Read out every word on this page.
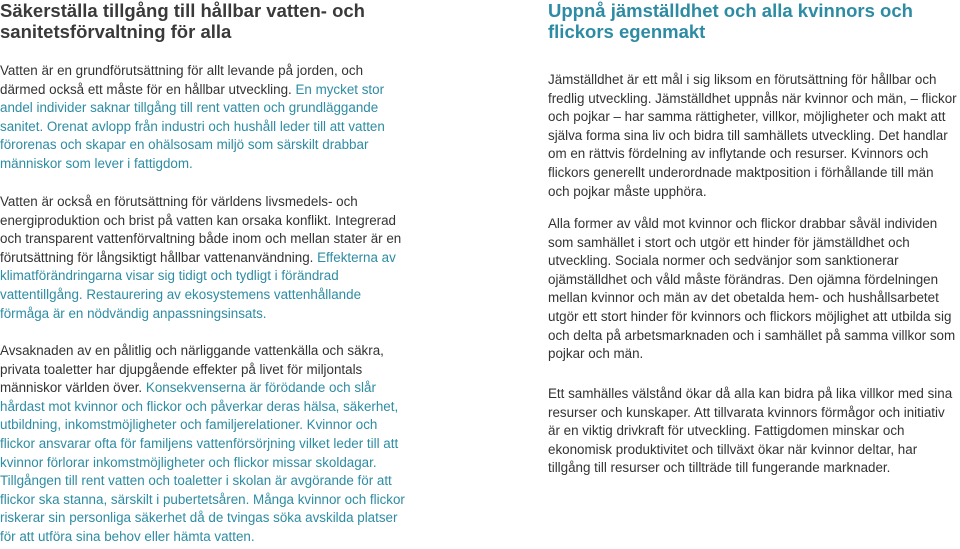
Säkerställa tillgång till hållbar vatten- och sanitetsförvaltning för alla

Vatten är en grundförutsättning för allt levande på jorden, och därmed också ett måste för en hållbar utveckling. En mycket stor andel individer saknar tillgång till rent vatten och grundläggande sanitet. Orenat avlopp från industri och hushåll leder till att vatten förorenas och skapar en ohälsosam miljö som särskilt drabbar människor som lever i fattigdom.

Vatten är också en förutsättning för världens livsmedels- och energiproduktion och brist på vatten kan orsaka konflikt. Integrerad och transparent vattenförvaltning både inom och mellan stater är en förutsättning för långsiktigt hållbar vattenanvändning. Effekterna av klimatförändringarna visar sig tidigt och tydligt i förändrad vattentillgång. Restaurering av ekosystemens vattenhållande förmåga är en nödvändig anpassningsinsats.

Avsaknaden av en pålitlig och närliggande vattenkälla och säkra, privata toaletter har djupgående effekter på livet för miljontals människor världen över. Konsekvenserna är förödande och slår hårdast mot kvinnor och flickor och påverkar deras hälsa, säkerhet, utbildning, inkomstmöjligheter och familjerelationer. Kvinnor och flickor ansvarar ofta för familjens vattenförsörjning vilket leder till att kvinnor förlorar inkomstmöjligheter och flickor missar skoldagar. Tillgången till rent vatten och toaletter i skolan är avgörande för att flickor ska stanna, särskilt i pubertetsåren. Många kvinnor och flickor riskerar sin personliga säkerhet då de tvingas söka avskilda platser för att utföra sina behov eller hämta vatten.

Uppnå jämställdhet och alla kvinnors och flickors egenmakt

Jämställdhet är ett mål i sig liksom en förutsättning för hållbar och fredlig utveckling. Jämställdhet uppnås när kvinnor och män, – flickor och pojkar – har samma rättigheter, villkor, möjligheter och makt att själva forma sina liv och bidra till samhällets utveckling. Det handlar om en rättvis fördelning av inflytande och resurser. Kvinnors och flickors generellt underordnade maktposition i förhållande till män och pojkar måste upphöra.

Alla former av våld mot kvinnor och flickor drabbar såväl individen som samhället i stort och utgör ett hinder för jämställdhet och utveckling. Sociala normer och sedvänjor som sanktionerar ojämställdhet och våld måste förändras. Den ojämna fördelningen mellan kvinnor och män av det obetalda hem- och hushållsarbetet utgör ett stort hinder för kvinnors och flickors möjlighet att utbilda sig och delta på arbetsmarknaden och i samhället på samma villkor som pojkar och män.

Ett samhälles välstånd ökar då alla kan bidra på lika villkor med sina resurser och kunskaper. Att tillvarata kvinnors förmågor och initiativ är en viktig drivkraft för utveckling. Fattigdomen minskar och ekonomisk produktivitet och tillväxt ökar när kvinnor deltar, har tillgång till resurser och tillträde till fungerande marknader.
